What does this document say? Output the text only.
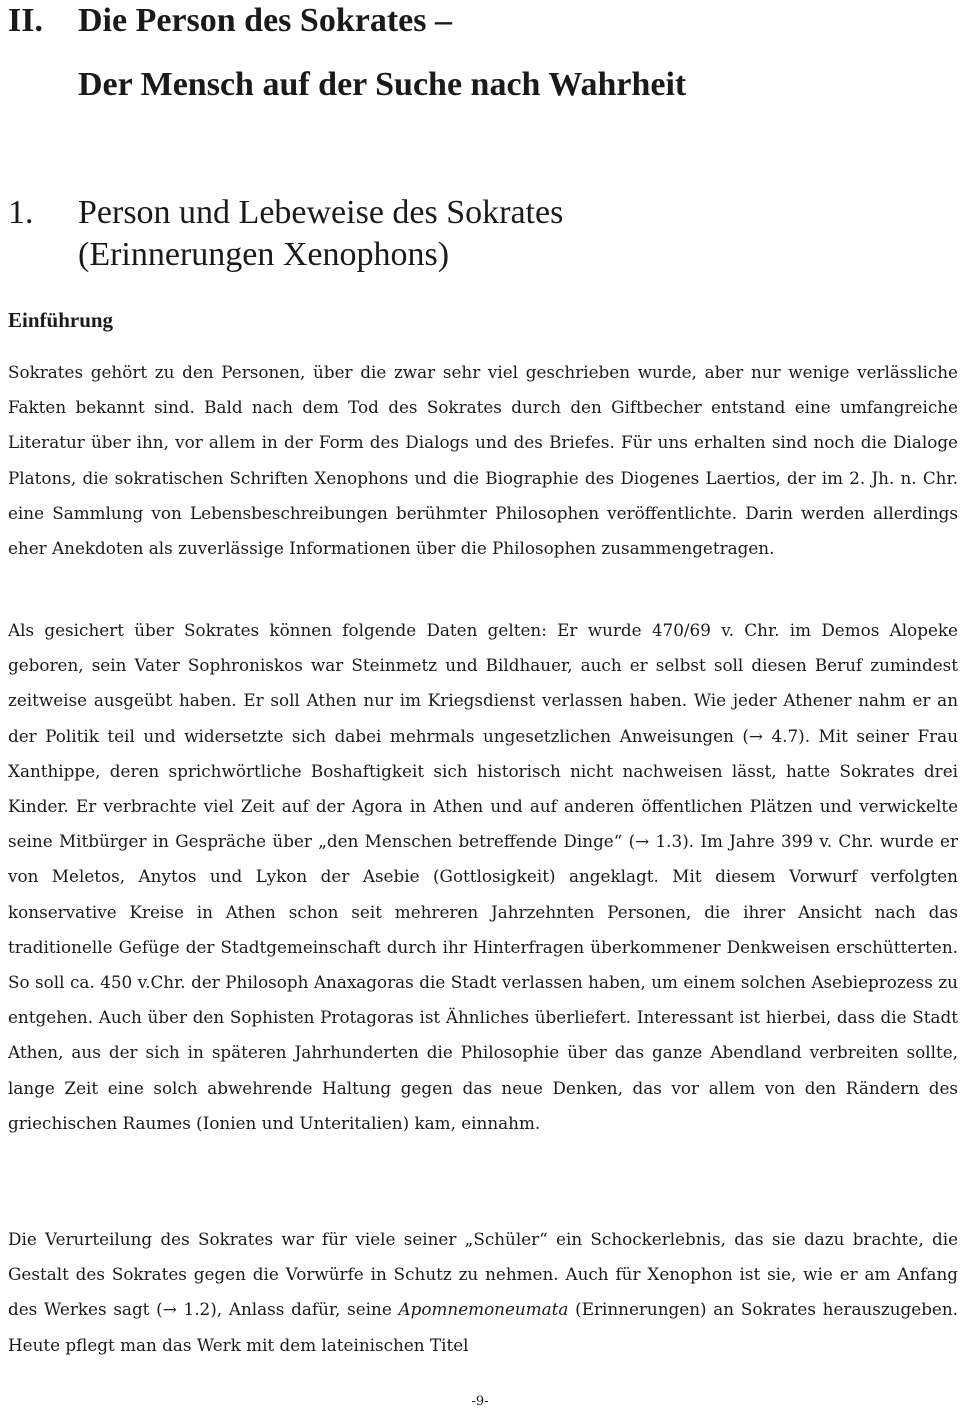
II. Die Person des Sokrates –
Der Mensch auf der Suche nach Wahrheit
1. Person und Lebeweise des Sokrates
(Erinnerungen Xenophons)
Einführung

Sokrates gehört zu den Personen, über die zwar sehr viel geschrieben wurde, aber nur wenige verlässliche Fakten bekannt sind. Bald nach dem Tod des Sokrates durch den Giftbecher entstand eine umfangreiche Literatur über ihn, vor allem in der Form des Dialogs und des Briefes. Für uns erhalten sind noch die Dialoge Platons, die sokratischen Schriften Xenophons und die Biographie des Diogenes Laertios, der im 2. Jh. n. Chr. eine Sammlung von Lebensbeschreibungen berühmter Philosophen veröffentlichte. Darin werden allerdings eher Anekdoten als zuverlässige Informationen über die Philosophen zusammengetragen.

Als gesichert über Sokrates können folgende Daten gelten: Er wurde 470/69 v. Chr. im Demos Alopeke geboren, sein Vater Sophroniskos war Steinmetz und Bildhauer, auch er selbst soll diesen Beruf zumindest zeitweise ausgeübt haben. Er soll Athen nur im Kriegsdienst verlassen haben. Wie jeder Athener nahm er an der Politik teil und widersetzte sich dabei mehrmals ungesetzlichen Anweisungen (→ 4.7). Mit seiner Frau Xanthippe, deren sprichwörtliche Boshaftigkeit sich historisch nicht nachweisen lässt, hatte Sokrates drei Kinder. Er verbrachte viel Zeit auf der Agora in Athen und auf anderen öffentlichen Plätzen und verwickelte seine Mitbürger in Gespräche über „den Menschen betreffende Dinge“ (→ 1.3). Im Jahre 399 v. Chr. wurde er von Meletos, Anytos und Lykon der Asebie (Gottlosigkeit) angeklagt. Mit diesem Vorwurf verfolgten konservative Kreise in Athen schon seit mehreren Jahrzehnten Personen, die ihrer Ansicht nach das traditionelle Gefüge der Stadtgemeinschaft durch ihr Hinterfragen überkommener Denkweisen erschütterten. So soll ca. 450 v.Chr. der Philosoph Anaxagoras die Stadt verlassen haben, um einem solchen Asebieprozess zu entgehen. Auch über den Sophisten Protagoras ist Ähnliches überliefert. Interessant ist hierbei, dass die Stadt Athen, aus der sich in späteren Jahrhunderten die Philosophie über das ganze Abendland verbreiten sollte, lange Zeit eine solch abwehrende Haltung gegen das neue Denken, das vor allem von den Rändern des griechischen Raumes (Ionien und Unteritalien) kam, einnahm.

Die Verurteilung des Sokrates war für viele seiner „Schüler“ ein Schockerlebnis, das sie dazu brachte, die Gestalt des Sokrates gegen die Vorwürfe in Schutz zu nehmen. Auch für Xenophon ist sie, wie er am Anfang des Werkes sagt (→ 1.2), Anlass dafür, seine Apomnemoneumata (Erinnerungen) an Sokrates herauszugeben. Heute pflegt man das Werk mit dem lateinischen Titel

-9-
